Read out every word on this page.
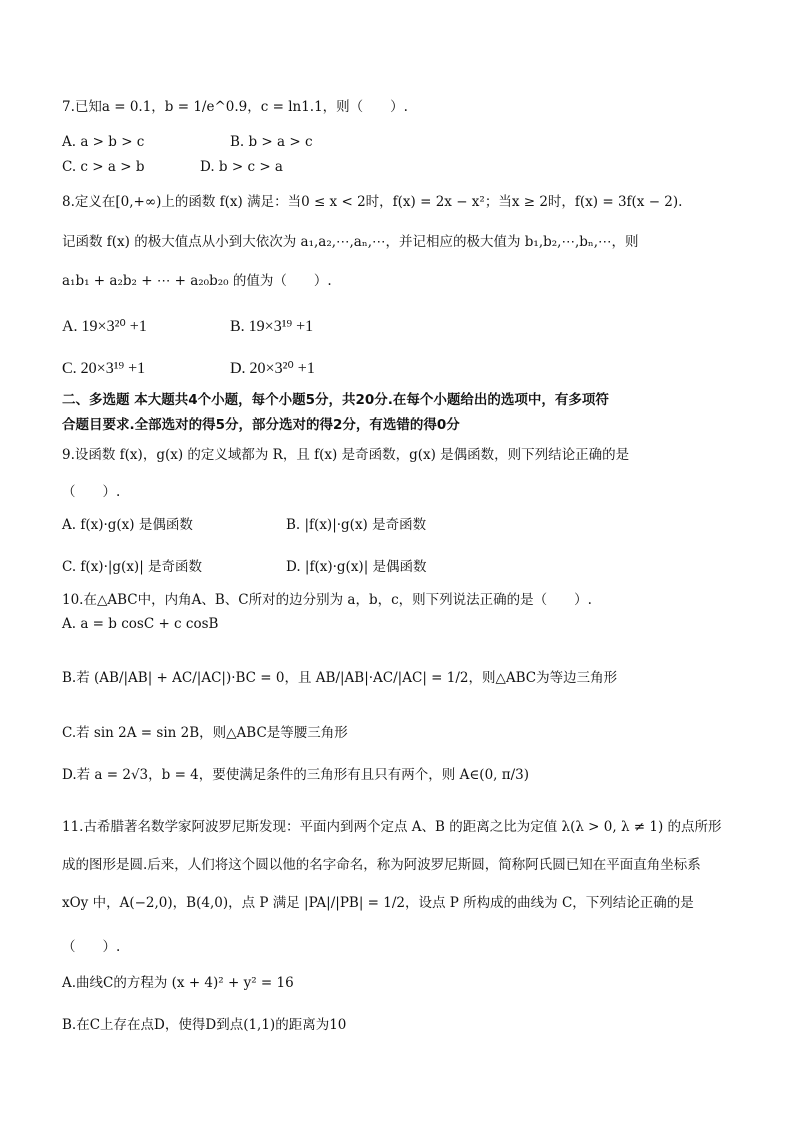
7.已知a = 0.1，b = 1/e^0.9，c = ln1.1，则（　　）.
A. a > b > c	B. b > a > c
C. c > a > b	D. b > c > a
8.定义在[0,+∞)上的函数 f(x) 满足：当0 ≤ x < 2时，f(x) = 2x − x²；当x ≥ 2时，f(x) = 3f(x − 2).
记函数 f(x) 的极大值点从小到大依次为 a₁,a₂,⋯,aₙ,⋯，并记相应的极大值为 b₁,b₂,⋯,bₙ,⋯，则
a₁b₁ + a₂b₂ + ⋯ + a₂₀b₂₀ 的值为（　　）.
A. 19×3²⁰ +1	B. 19×3¹⁹ +1
C. 20×3¹⁹ +1	D. 20×3²⁰ +1
二、多选题 本大题共4个小题，每个小题5分，共20分.在每个小题给出的选项中，有多项符
合题目要求.全部选对的得5分，部分选对的得2分，有选错的得0分
9.设函数 f(x)，g(x) 的定义域都为 R，且 f(x) 是奇函数，g(x) 是偶函数，则下列结论正确的是
（　　）.
A. f(x)·g(x) 是偶函数	B. |f(x)|·g(x) 是奇函数
C. f(x)·|g(x)| 是奇函数	D. |f(x)·g(x)| 是偶函数
10.在△ABC中，内角A、B、C所对的边分别为 a，b，c，则下列说法正确的是（　　）.
A. a = b cosC + c cosB
B.若 (AB/|AB| + AC/|AC|)·BC = 0，且 AB/|AB|·AC/|AC| = 1/2，则△ABC为等边三角形
C.若 sin 2A = sin 2B，则△ABC是等腰三角形
D.若 a = 2√3，b = 4，要使满足条件的三角形有且只有两个，则 A∈(0, π/3)
11.古希腊著名数学家阿波罗尼斯发现：平面内到两个定点 A、B 的距离之比为定值 λ(λ > 0, λ ≠ 1) 的点所形
成的图形是圆.后来，人们将这个圆以他的名字命名，称为阿波罗尼斯圆，简称阿氏圆已知在平面直角坐标系
xOy 中，A(−2,0)，B(4,0)，点 P 满足 |PA|/|PB| = 1/2，设点 P 所构成的曲线为 C，下列结论正确的是
（　　）.
A.曲线C的方程为 (x + 4)² + y² = 16
B.在C上存在点D，使得D到点(1,1)的距离为10
